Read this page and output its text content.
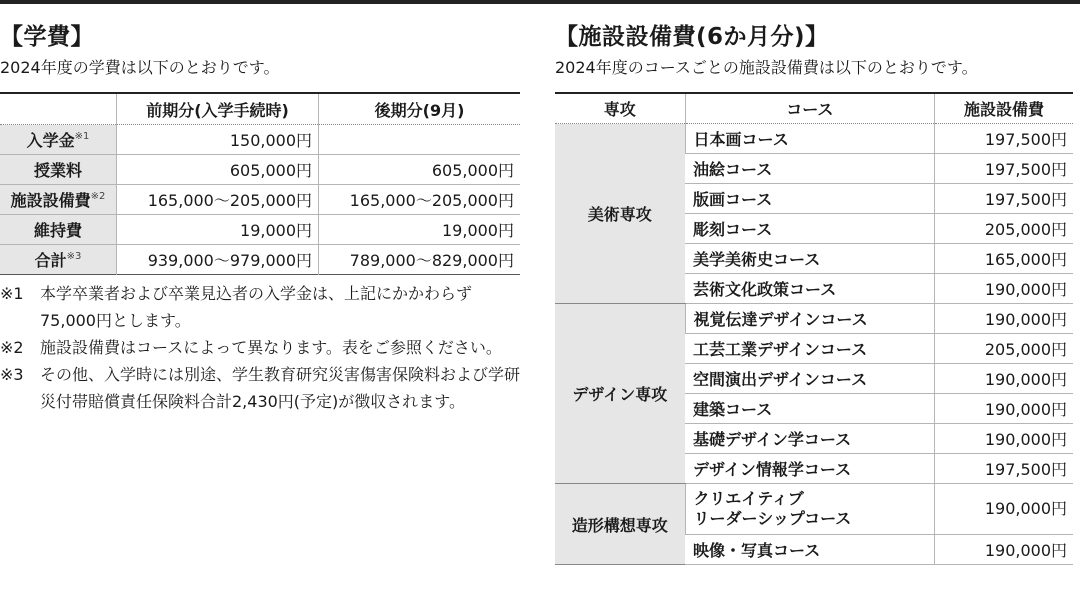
【学費】
2024年度の学費は以下のとおりです。
	前期分(入学手続時)	後期分(9月)
入学金$^{※1}$	150,000円	
授業料	605,000円	605,000円
施設設備費$^{※2}$	165,000〜205,000円	165,000〜205,000円
維持費	19,000円	19,000円
合計$^{※3}$	939,000〜979,000円	789,000〜829,000円
※1	本学卒業者および卒業見込者の入学金は、上記にかかわらず75,000円とします。
※2	施設設備費はコースによって異なります。表をご参照ください。
※3	その他、入学時には別途、学生教育研究災害傷害保険料および学研災付帯賠償責任保険料合計2,430円(予定)が徴収されます。
【施設設備費(6か月分)】
2024年度のコースごとの施設設備費は以下のとおりです。
専攻	コース	施設設備費
美術専攻	日本画コース	197,500円
	油絵コース	197,500円
	版画コース	197,500円
	彫刻コース	205,000円
	美学美術史コース	165,000円
	芸術文化政策コース	190,000円
デザイン専攻	視覚伝達デザインコース	190,000円
	工芸工業デザインコース	205,000円
	空間演出デザインコース	190,000円
	建築コース	190,000円
	基礎デザイン学コース	190,000円
	デザイン情報学コース	197,500円
造形構想専攻	クリエイティブ
リーダーシップコース	190,000円
	映像・写真コース	190,000円
